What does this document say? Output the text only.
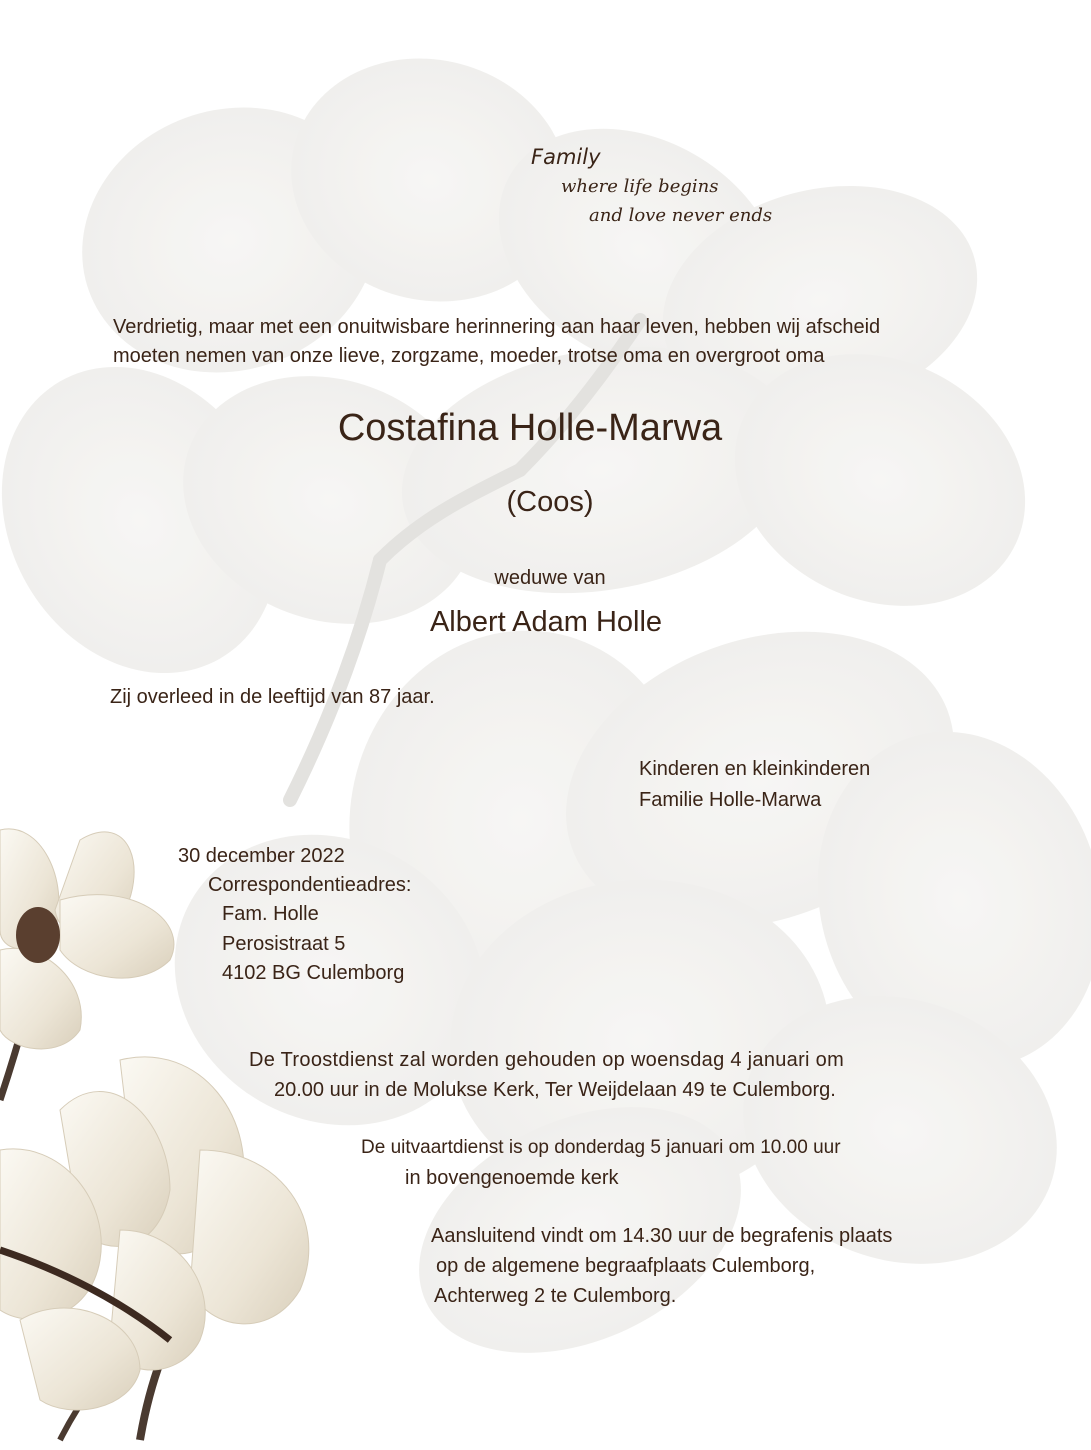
Family

where life begins

and love never ends

Verdrietig, maar met een onuitwisbare herinnering aan haar leven, hebben wij afscheid

moeten nemen van onze lieve, zorgzame, moeder, trotse oma en overgroot oma

Costafina Holle-Marwa

(Coos)

weduwe van

Albert Adam Holle

Zij overleed in de leeftijd van 87 jaar.

Kinderen en kleinkinderen

Familie Holle-Marwa

30 december 2022

Correspondentieadres:

Fam. Holle

Perosistraat 5

4102 BG Culemborg

De Troostdienst zal worden gehouden op woensdag 4 januari om

20.00 uur in de Molukse Kerk, Ter Weijdelaan 49 te Culemborg.

De uitvaartdienst is op donderdag 5 januari om 10.00 uur

in bovengenoemde kerk

Aansluitend vindt om 14.30 uur de begrafenis plaats

op de algemene begraafplaats Culemborg,

Achterweg 2 te Culemborg.
